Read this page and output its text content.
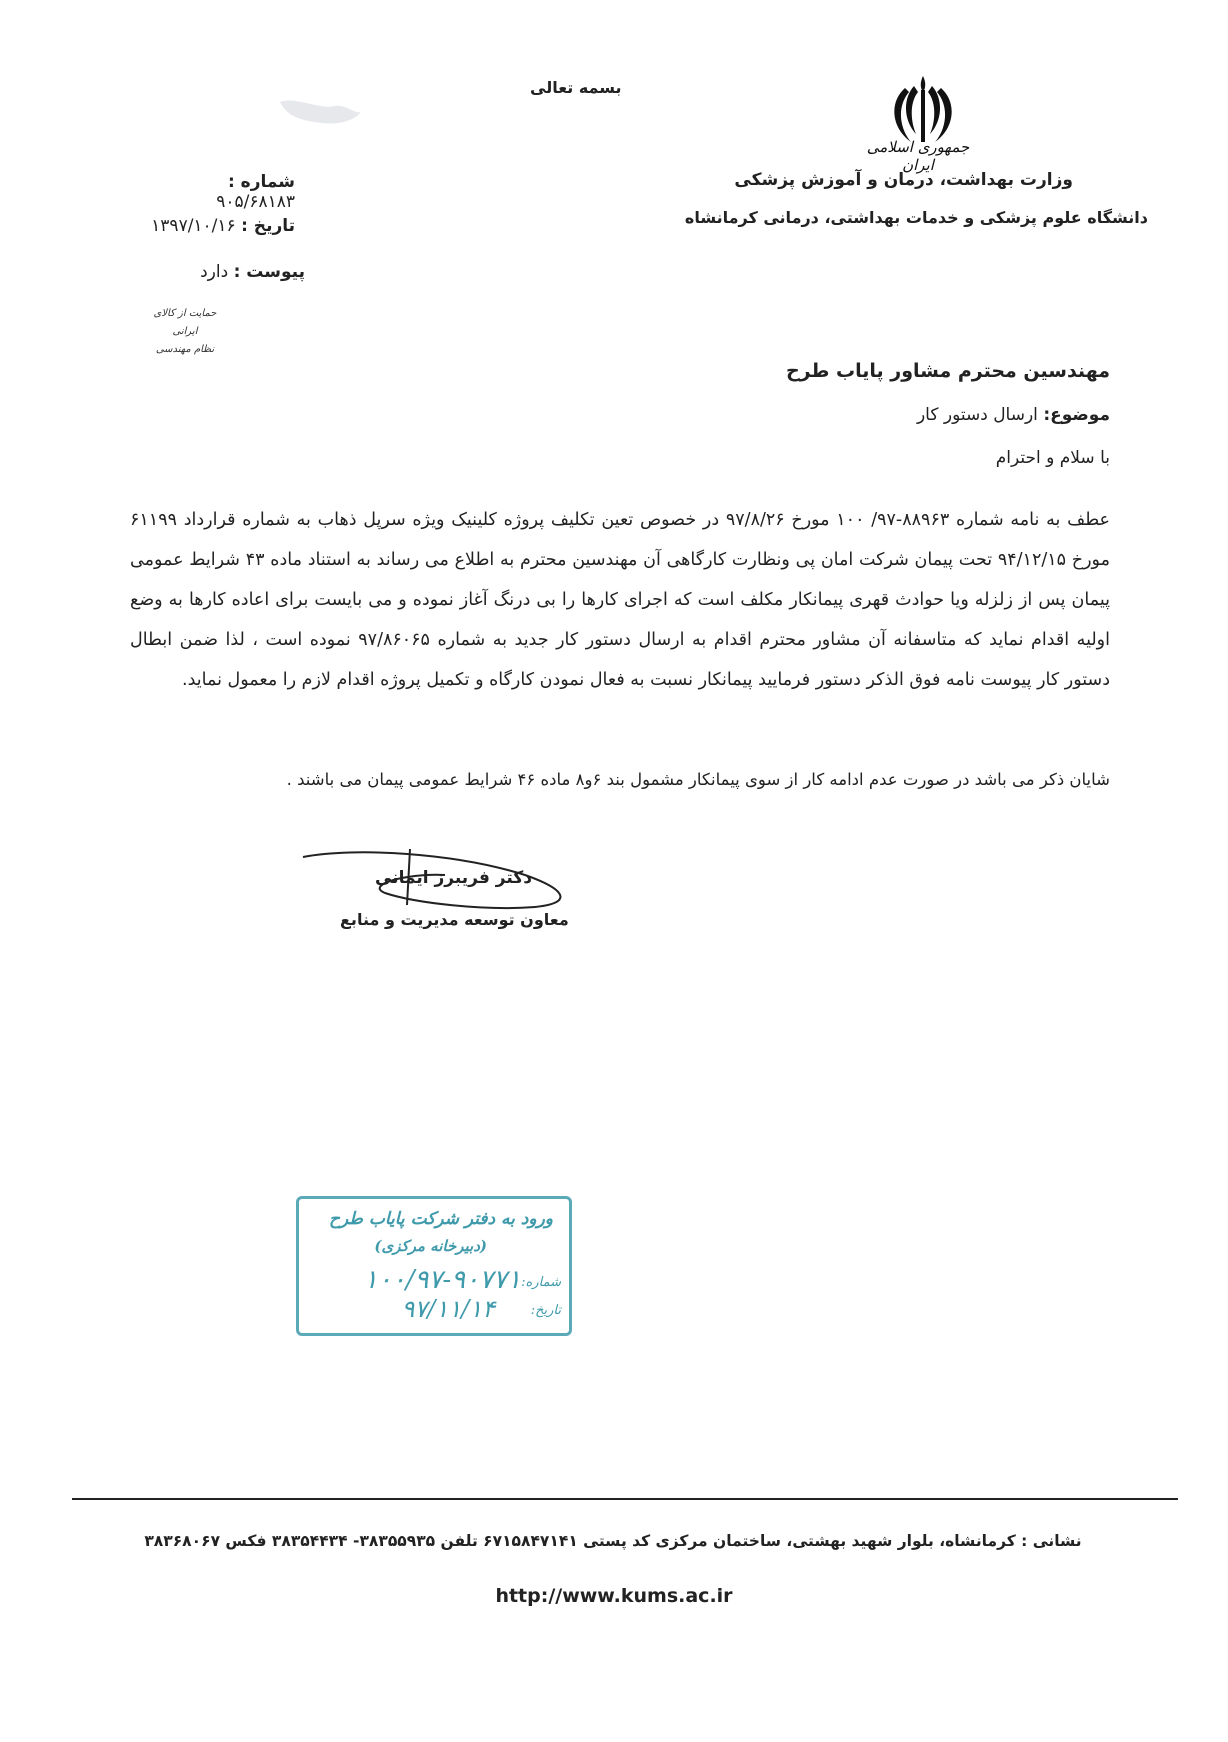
جمهوری اسلامی ایران
وزارت بهداشت، درمان و آموزش پزشکی
دانشگاه علوم پزشکی و خدمات بهداشتی، درمانی کرمانشاه
بسمه تعالی
شماره : ۹۰۵/۶۸۱۸۳
تاریخ : ۱۳۹۷/۱۰/۱۶
پیوست : دارد
حمایت از کالای ایرانی
نظام مهندسی
مهندسین محترم مشاور پایاب طرح
موضوع: ارسال دستور کار
با سلام و احترام
عطف به نامه شماره ۸۸۹۶۳-۹۷/ ۱۰۰ مورخ ۹۷/۸/۲۶ در خصوص تعین تکلیف پروژه کلینیک ویژه سرپل ذهاب به شماره قرارداد ۶۱۱۹۹ مورخ ۹۴/۱۲/۱۵ تحت پیمان شرکت امان پی ونظارت کارگاهی آن مهندسین محترم به اطلاع می رساند به استناد ماده ۴۳ شرایط عمومی پیمان پس از زلزله ویا حوادث قهری پیمانکار مکلف است که اجرای کارها را بی درنگ آغاز نموده و می بایست برای اعاده کارها به وضع اولیه اقدام نماید که متاسفانه آن مشاور محترم اقدام به ارسال دستور کار جدید به شماره ۹۷/۸۶۰۶۵ نموده است ، لذا ضمن ابطال دستور کار پیوست نامه فوق الذکر دستور فرمایید پیمانکار نسبت به فعال نمودن کارگاه و تکمیل پروژه اقدام لازم را معمول نماید.
شایان ذکر می باشد در صورت عدم ادامه کار از سوی پیمانکار مشمول بند ۶و۸ ماده ۴۶ شرایط عمومی پیمان می باشند .
دکتر فریبرز ایمانی
معاون توسعه مدیریت و منابع
ورود به دفتر شرکت پایاب طرح
(دبیرخانه مرکزی)
شماره:
۱۰۰/۹۷-۹۰۷۷۱
تاریخ:
۹۷/۱۱/۱۴
نشانی : کرمانشاه، بلوار شهید بهشتی، ساختمان مرکزی کد پستی ۶۷۱۵۸۴۷۱۴۱ تلفن ۳۸۳۵۵۹۳۵- ۳۸۳۵۴۴۳۴ فکس ۳۸۳۶۸۰۶۷
http://www.kums.ac.ir
